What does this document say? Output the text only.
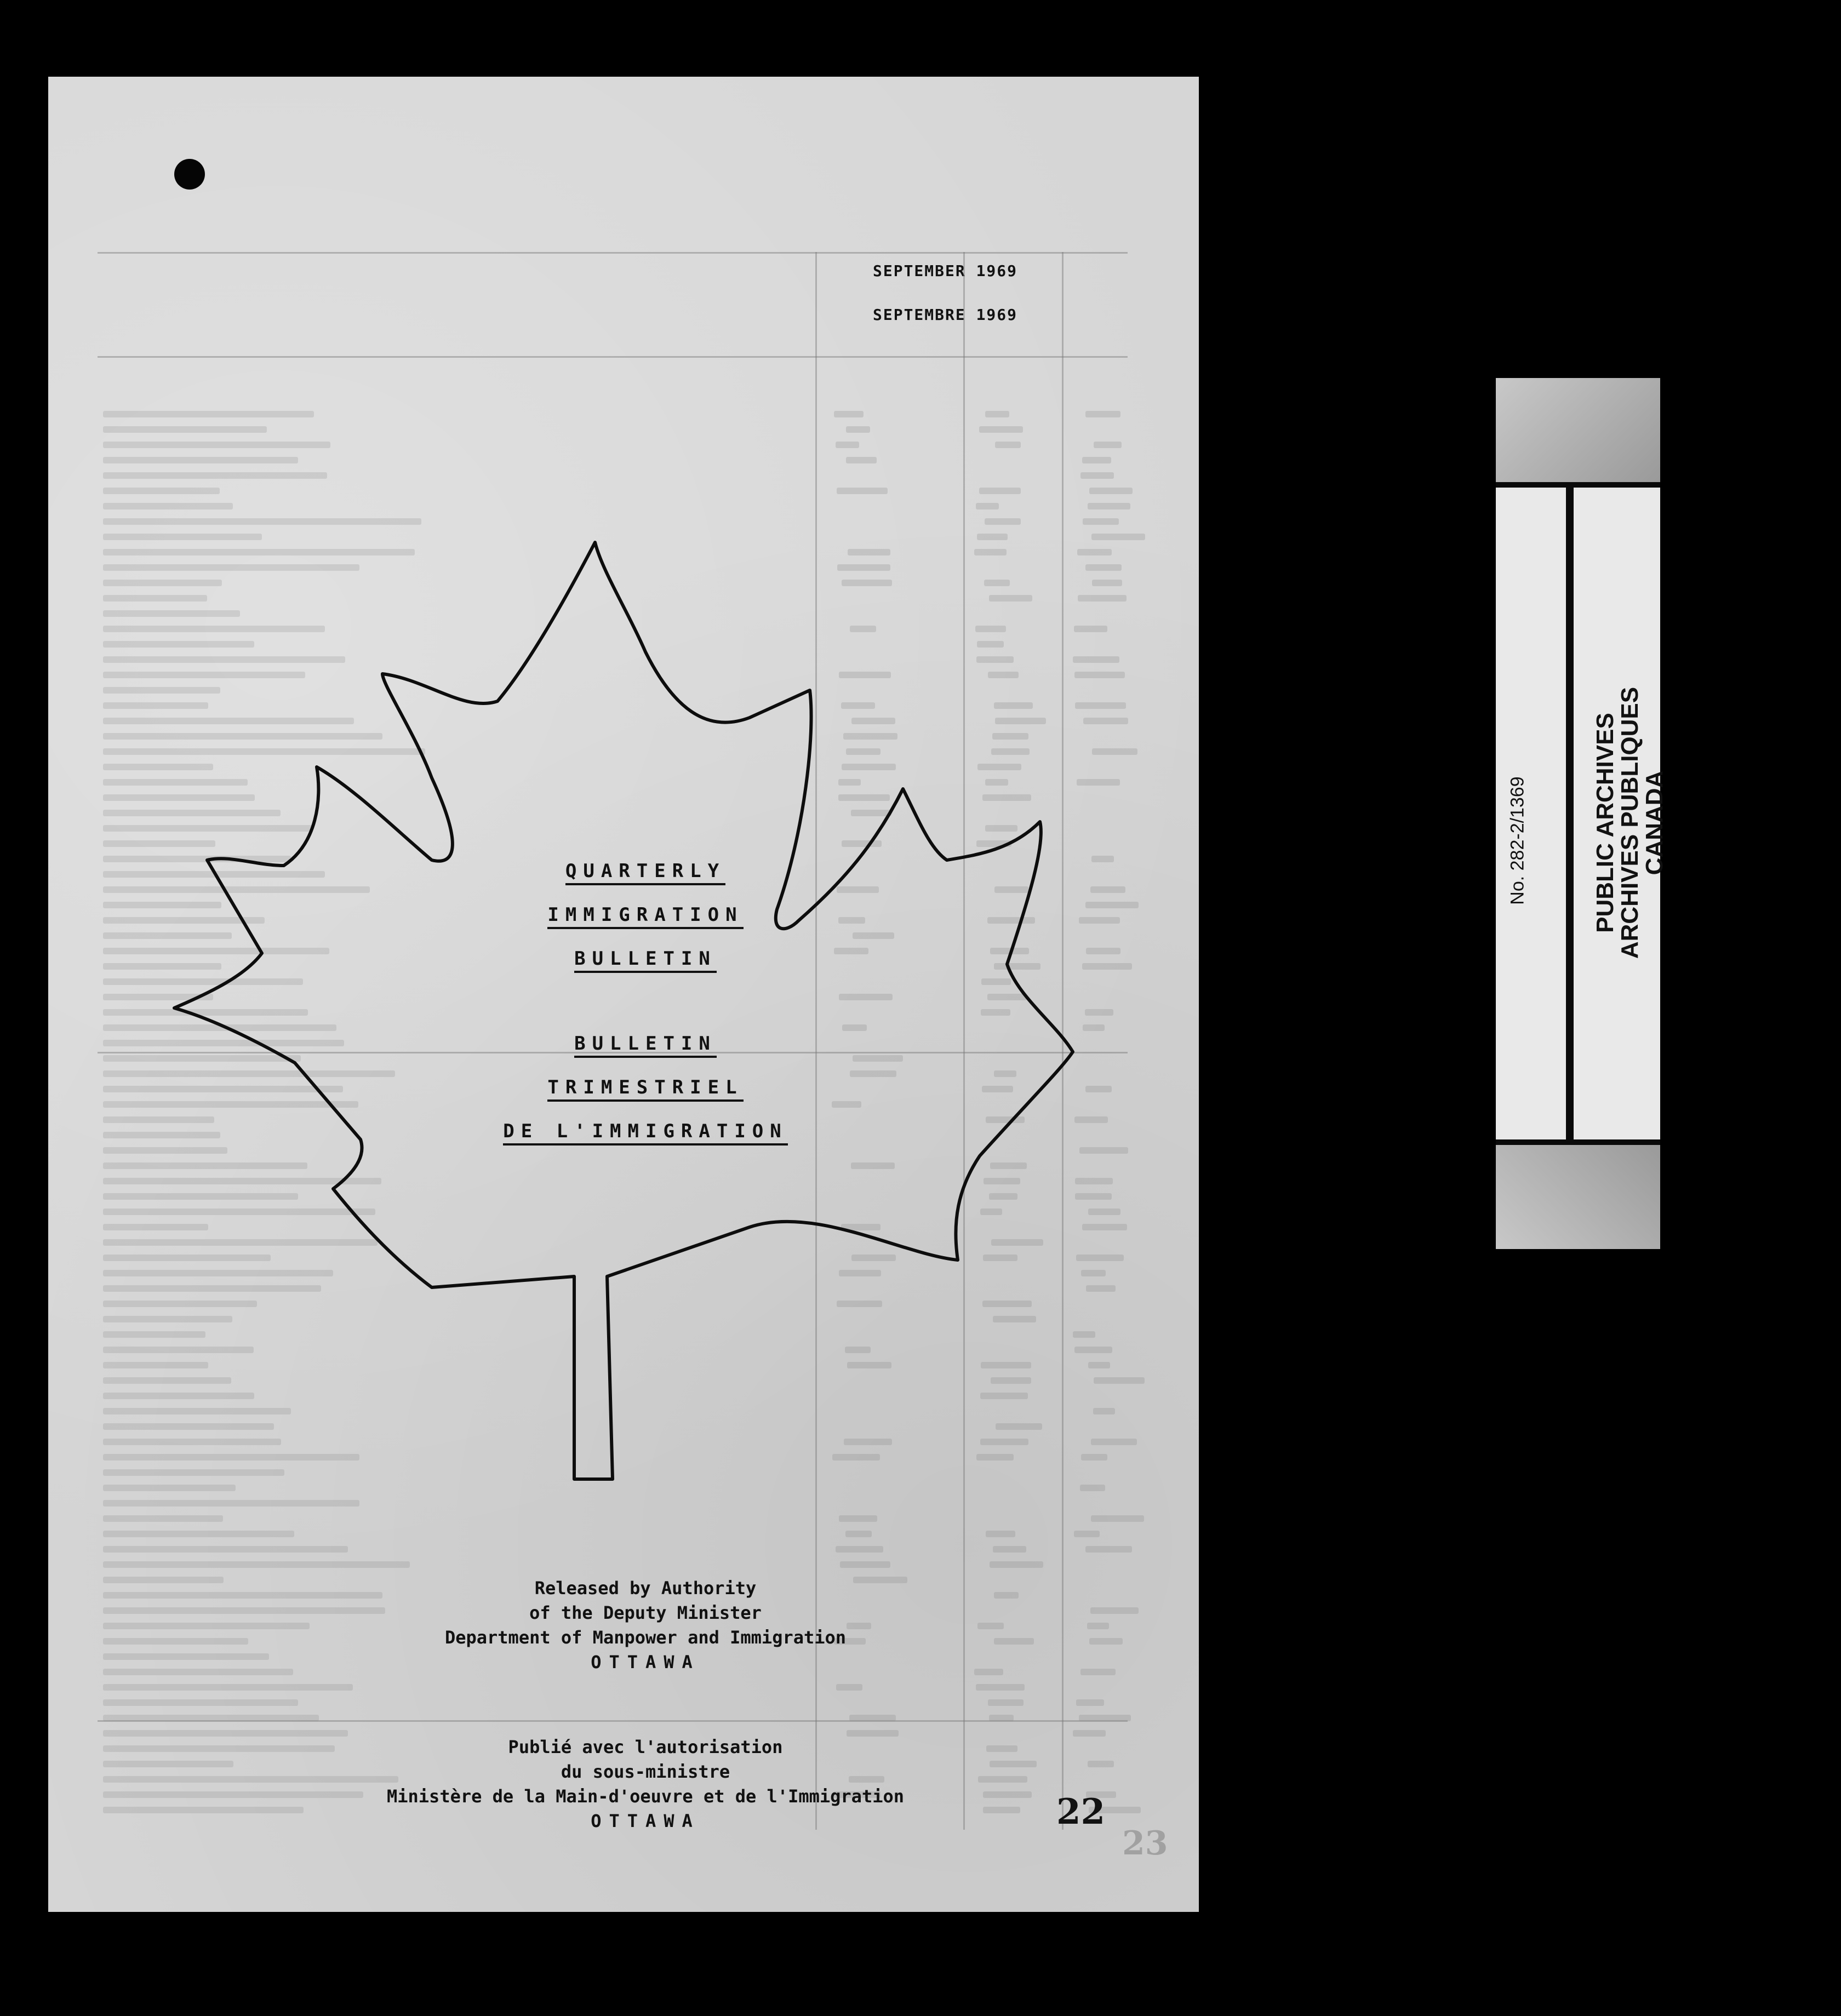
SEPTEMBER 1969
SEPTEMBRE 1969
QUARTERLY
IMMIGRATION
BULLETIN
BULLETIN
TRIMESTRIEL
DE L'IMMIGRATION
Released by Authority
of the Deputy Minister
Department of Manpower and Immigration
OTTAWA
Publié avec l'autorisation
du sous-ministre
Ministère de la Main-d'oeuvre et de l'Immigration
OTTAWA	22
23
No. 282-2/1369	PUBLIC ARCHIVES
ARCHIVES PUBLIQUES
CANADA
